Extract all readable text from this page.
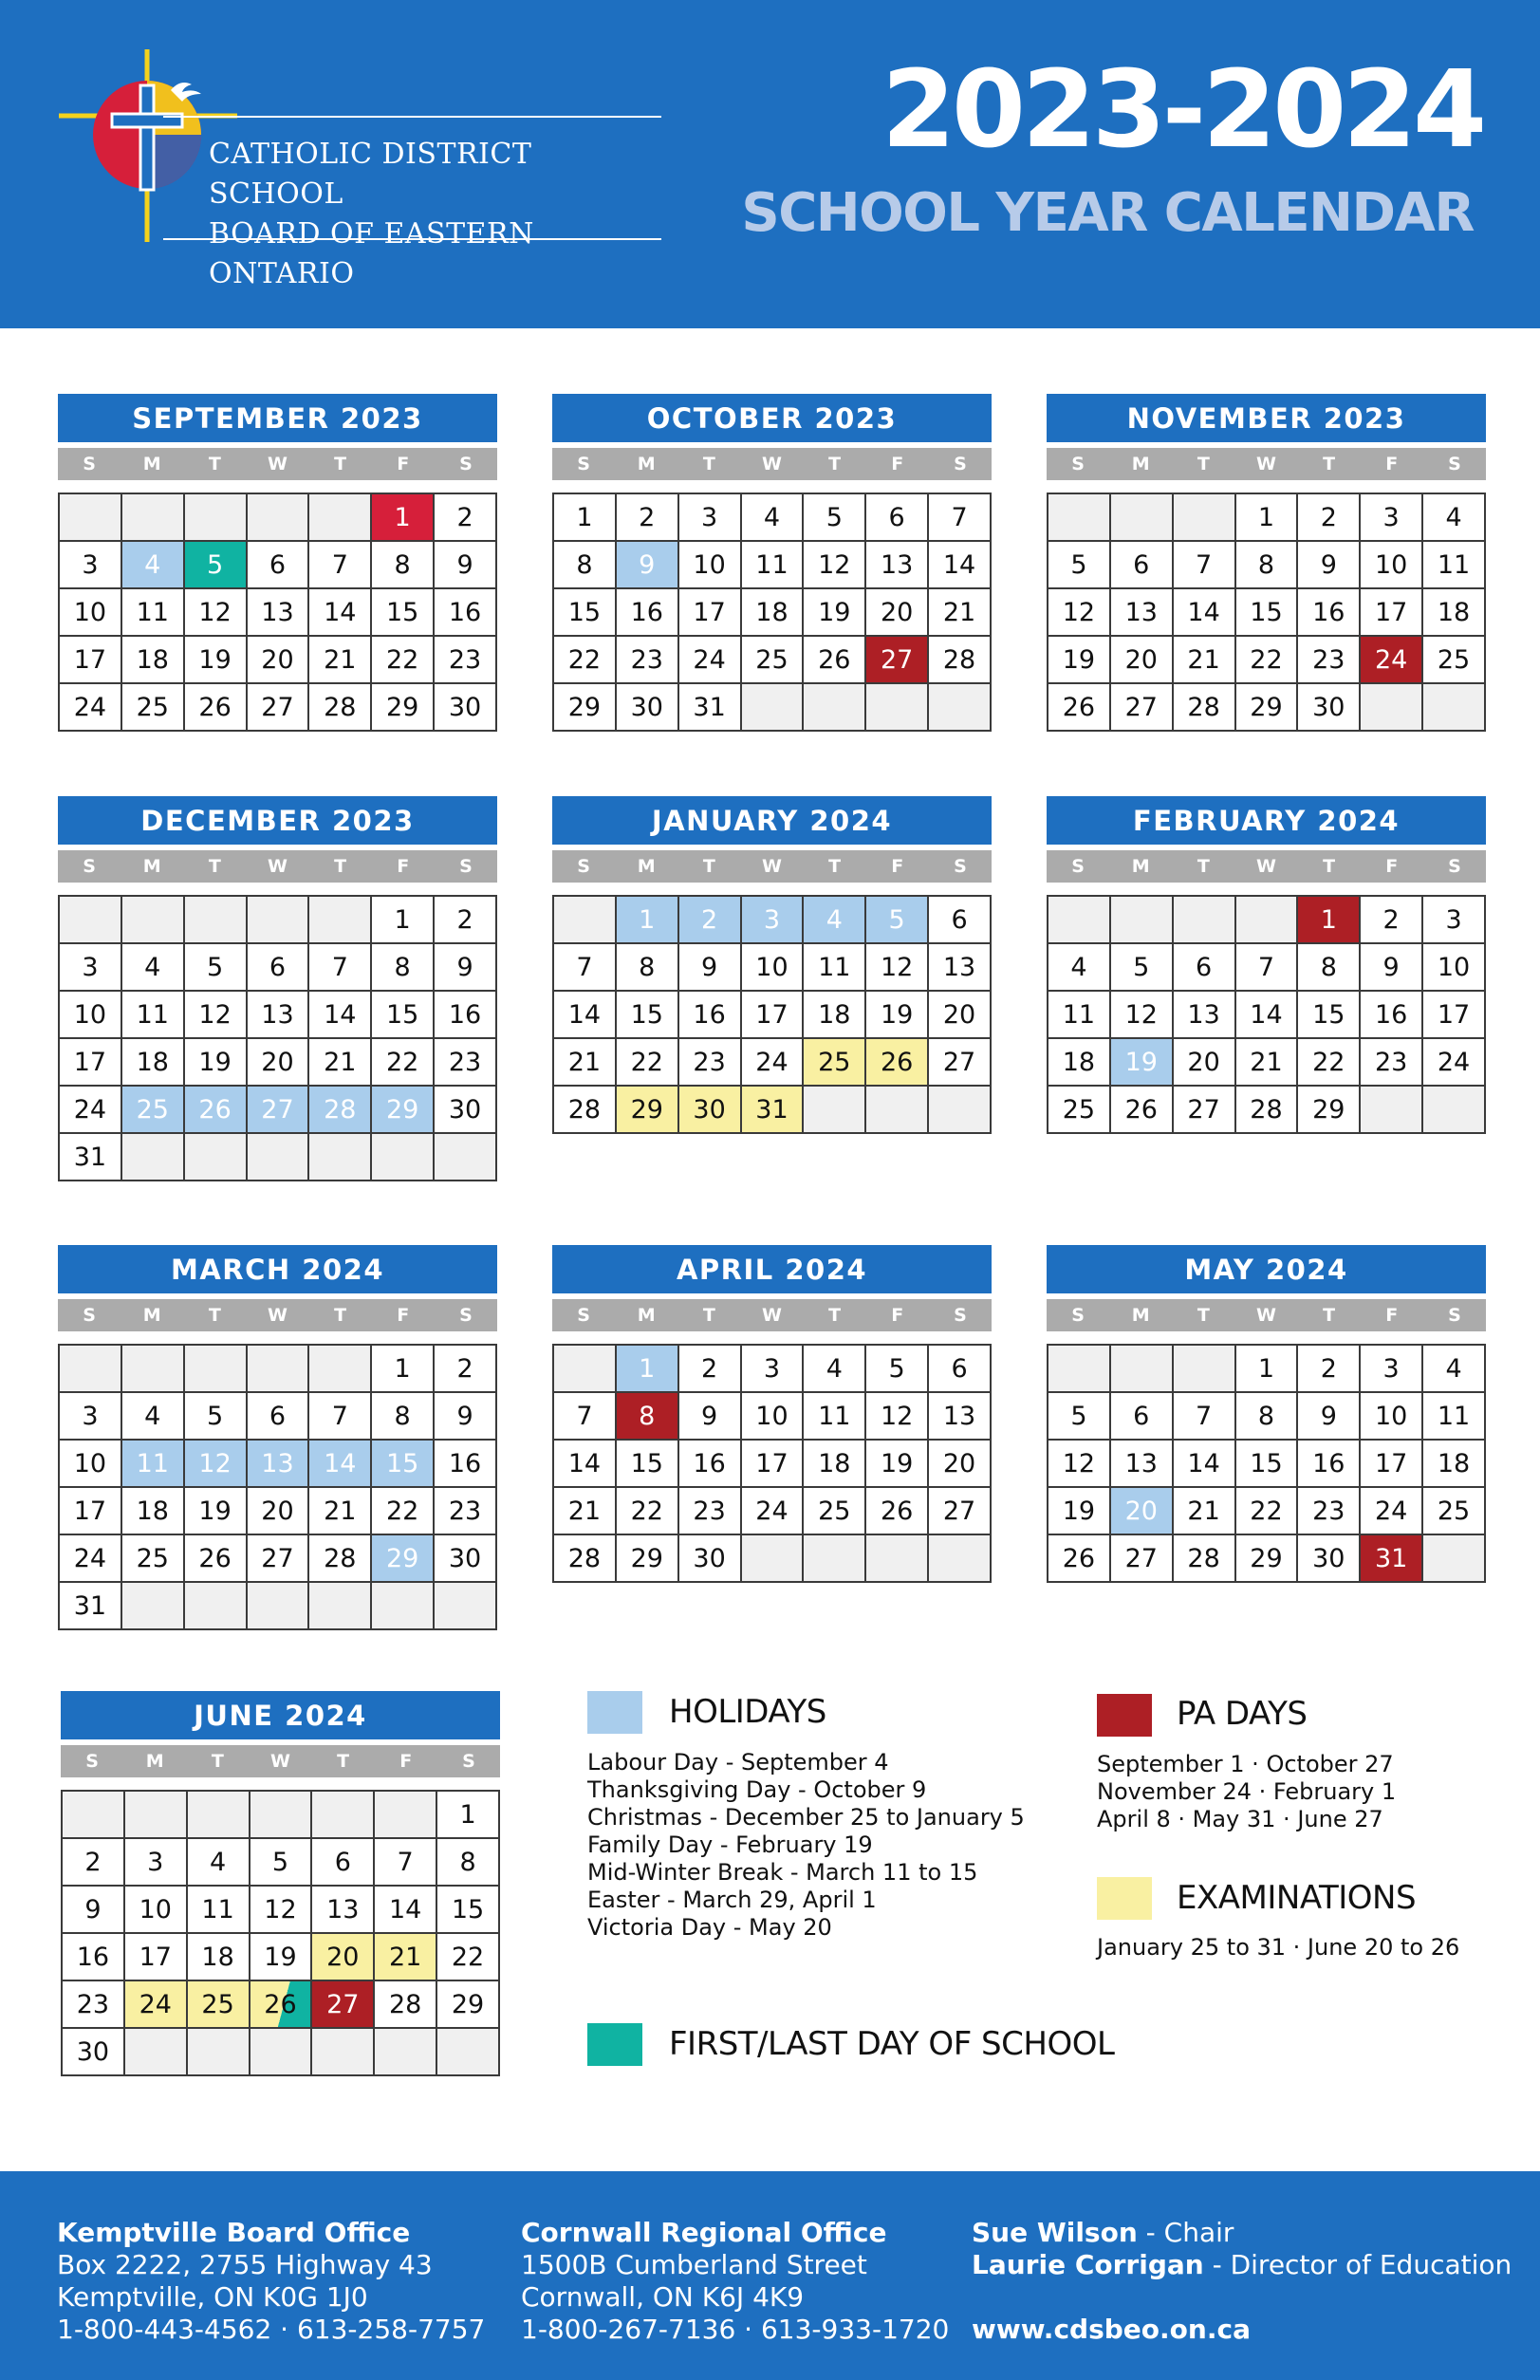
CATHOLIC DISTRICT SCHOOL
BOARD OF EASTERN ONTARIO
2023-2024
SCHOOL YEAR CALENDAR
SEPTEMBER 2023
S	M	T	W	T	F	S
					1	2
3	4	5	6	7	8	9
10	11	12	13	14	15	16
17	18	19	20	21	22	23
24	25	26	27	28	29	30
OCTOBER 2023
S	M	T	W	T	F	S
1	2	3	4	5	6	7
8	9	10	11	12	13	14
15	16	17	18	19	20	21
22	23	24	25	26	27	28
29	30	31				
NOVEMBER 2023
S	M	T	W	T	F	S
			1	2	3	4
5	6	7	8	9	10	11
12	13	14	15	16	17	18
19	20	21	22	23	24	25
26	27	28	29	30		
DECEMBER 2023
S	M	T	W	T	F	S
					1	2
3	4	5	6	7	8	9
10	11	12	13	14	15	16
17	18	19	20	21	22	23
24	25	26	27	28	29	30
31						
JANUARY 2024
S	M	T	W	T	F	S
	1	2	3	4	5	6
7	8	9	10	11	12	13
14	15	16	17	18	19	20
21	22	23	24	25	26	27
28	29	30	31			
FEBRUARY 2024
S	M	T	W	T	F	S
				1	2	3
4	5	6	7	8	9	10
11	12	13	14	15	16	17
18	19	20	21	22	23	24
25	26	27	28	29		
MARCH 2024
S	M	T	W	T	F	S
					1	2
3	4	5	6	7	8	9
10	11	12	13	14	15	16
17	18	19	20	21	22	23
24	25	26	27	28	29	30
31						
APRIL 2024
S	M	T	W	T	F	S
	1	2	3	4	5	6
7	8	9	10	11	12	13
14	15	16	17	18	19	20
21	22	23	24	25	26	27
28	29	30				
MAY 2024
S	M	T	W	T	F	S
			1	2	3	4
5	6	7	8	9	10	11
12	13	14	15	16	17	18
19	20	21	22	23	24	25
26	27	28	29	30	31	
JUNE 2024
S	M	T	W	T	F	S
						1
2	3	4	5	6	7	8
9	10	11	12	13	14	15
16	17	18	19	20	21	22
23	24	25	26	27	28	29
30						
HOLIDAYS
Labour Day - September 4
Thanksgiving Day - October 9
Christmas - December 25 to January 5
Family Day - February 19
Mid-Winter Break - March 11 to 15
Easter - March 29, April 1
Victoria Day - May 20
PA DAYS
September 1 · October 27
November 24 · February 1
April 8 · May 31 · June 27
EXAMINATIONS
January 25 to 31 · June 20 to 26
FIRST/LAST DAY OF SCHOOL
Kemptville Board Office
Box 2222, 2755 Highway 43
Kemptville, ON K0G 1J0
1-800-443-4562 · 613-258-7757
Cornwall Regional Office
1500B Cumberland Street
Cornwall, ON K6J 4K9
1-800-267-7136 · 613-933-1720
Sue Wilson - Chair
Laurie Corrigan - Director of Education
www.cdsbeo.on.ca
